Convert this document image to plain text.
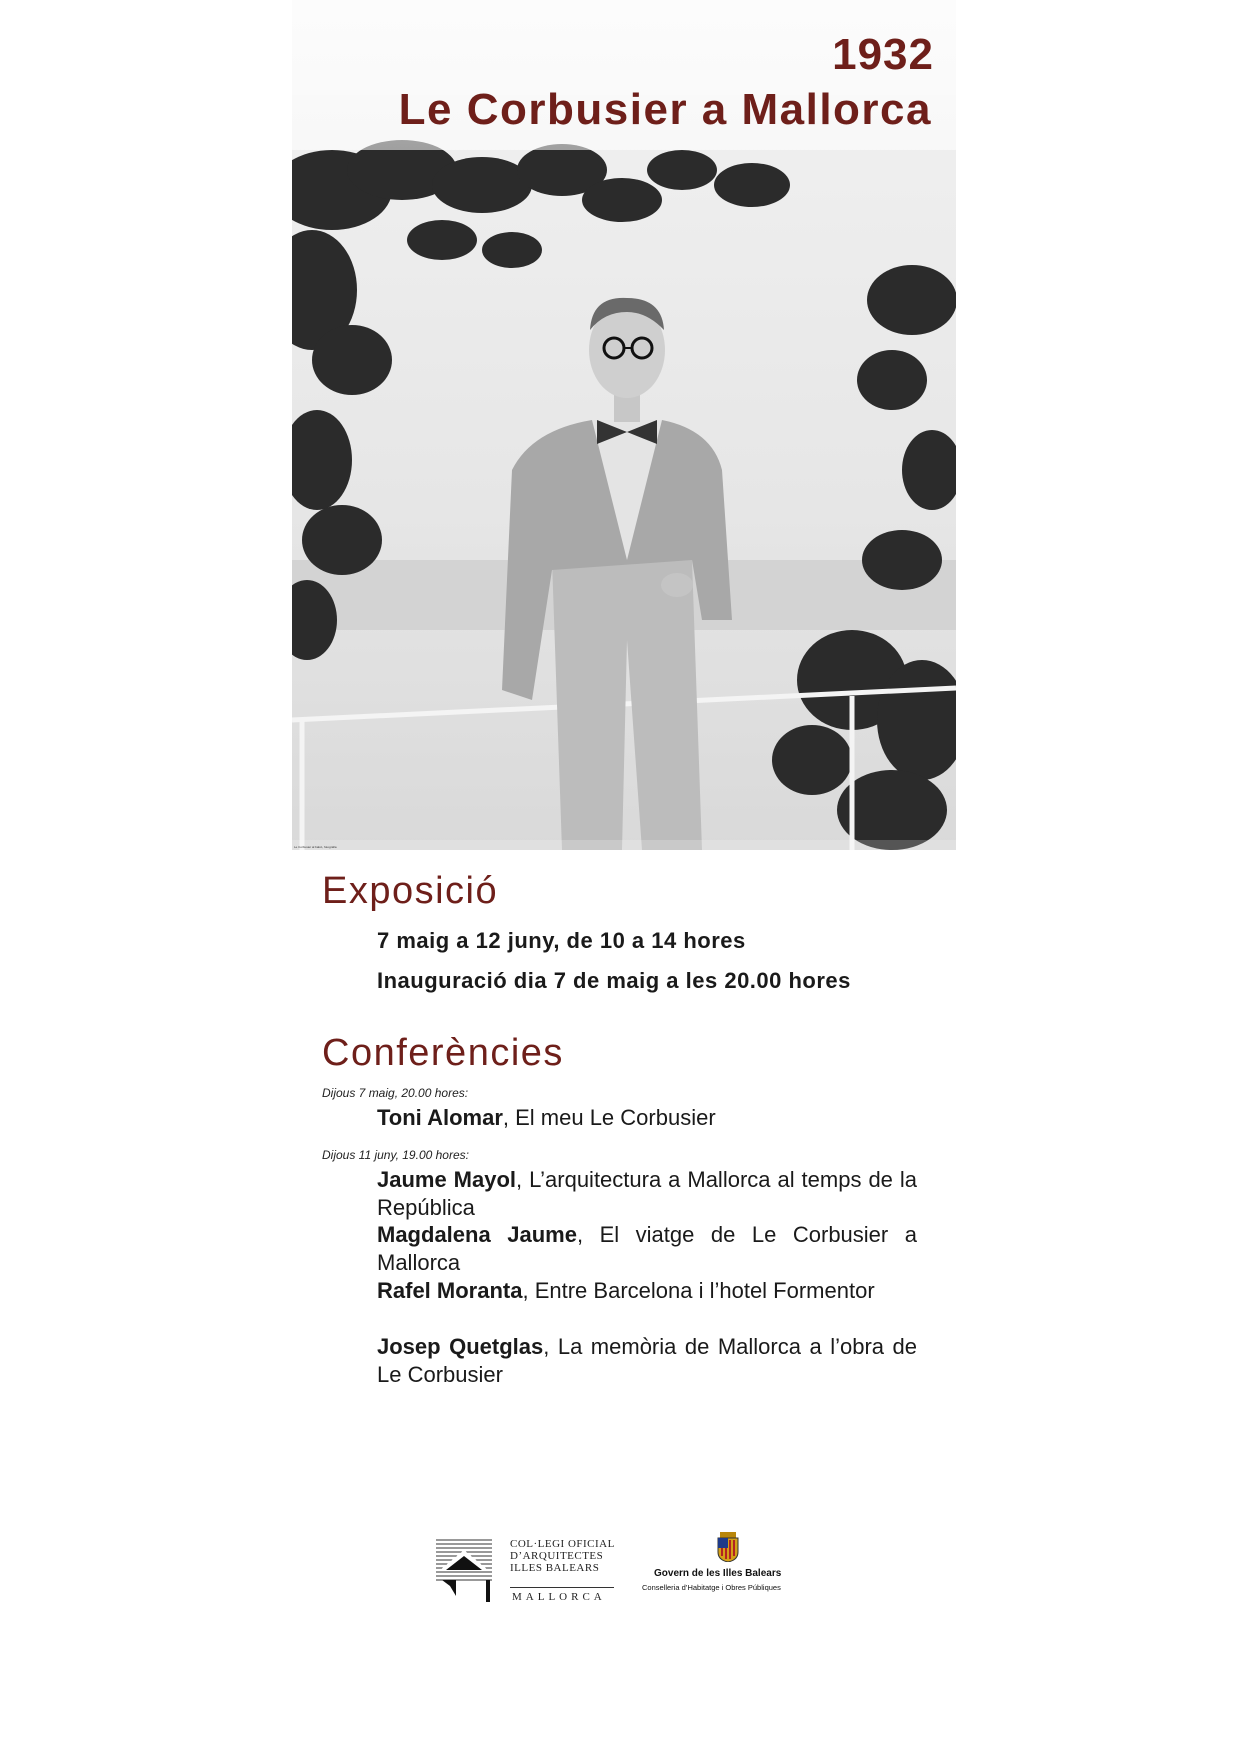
Le Corbusier al balcó, fotografia
1932
Le Corbusier a Mallorca
Exposició
7 maig a 12 juny, de 10 a 14 hores
Inauguració dia 7 de maig a les 20.00 hores
Conferències
Dijous 7 maig, 20.00 hores:
Toni Alomar, El meu Le Corbusier
Dijous 11 juny, 19.00 hores:
Jaume Mayol, L’arquitectura a Mallorca al temps de la República
Magdalena Jaume, El viatge de Le Corbusier a Mallorca
Rafel Moranta, Entre Barcelona i l’hotel Formentor
Josep Quetglas, La memòria de Mallorca a l’obra de Le Corbusier
COL·LEGI OFICIAL
D’ARQUITECTES
ILLES BALEARS
MALLORCA
Govern de les Illes Balears
Conselleria d’Habitatge i Obres Públiques
